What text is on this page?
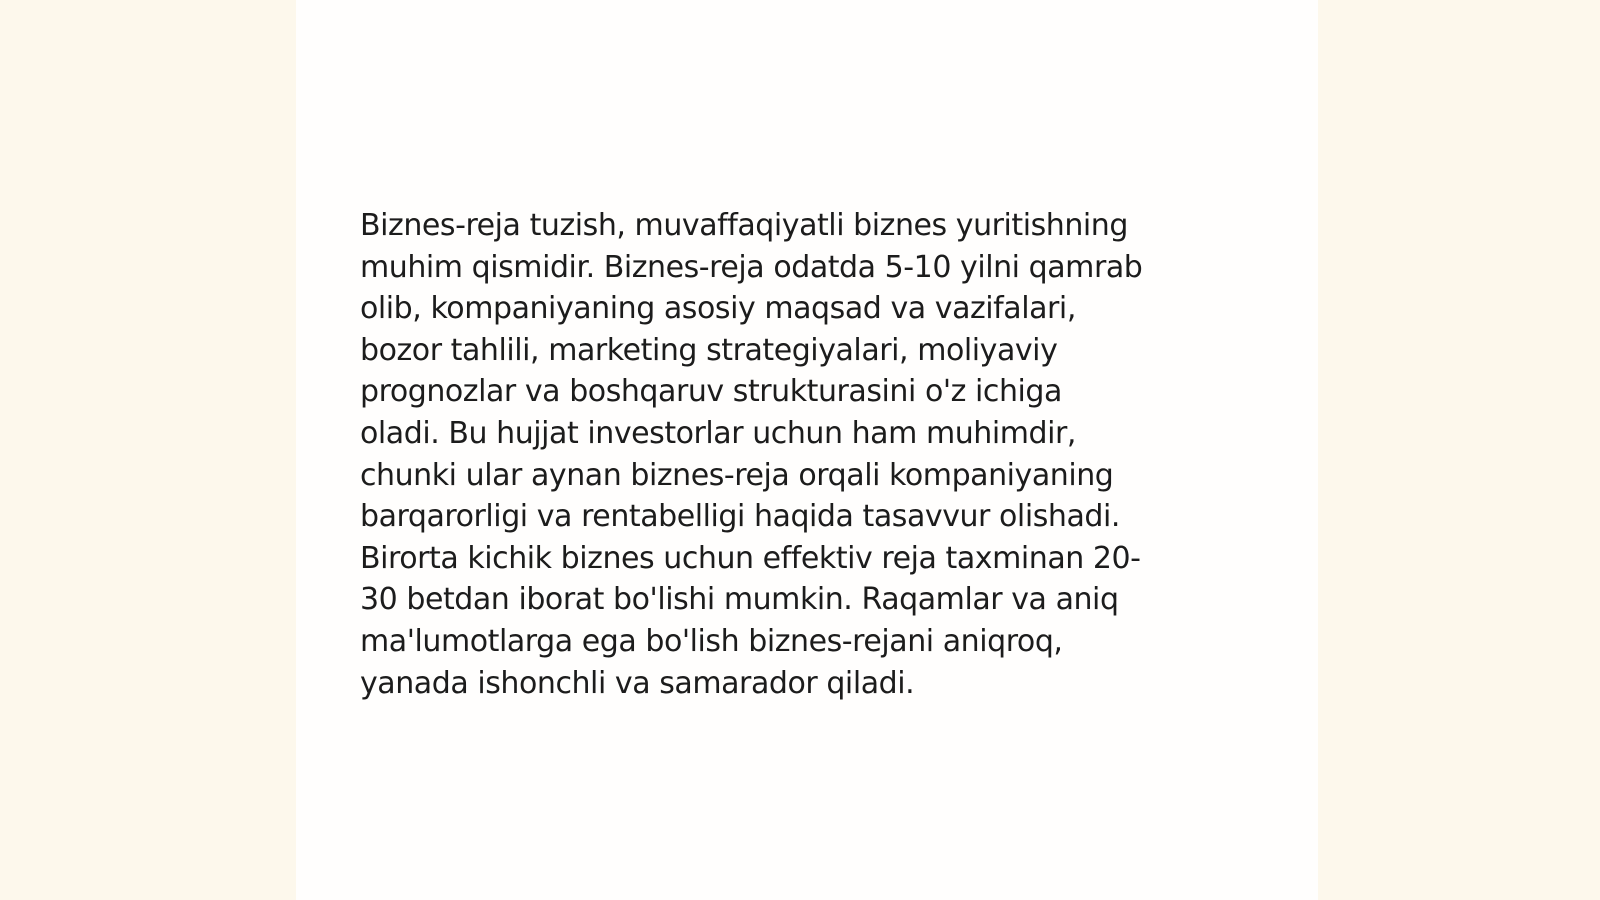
Biznes-reja tuzish, muvaffaqiyatli biznes yuritishning
muhim qismidir. Biznes-reja odatda 5-10 yilni qamrab
olib, kompaniyaning asosiy maqsad va vazifalari,
bozor tahlili, marketing strategiyalari, moliyaviy
prognozlar va boshqaruv strukturasini o'z ichiga
oladi. Bu hujjat investorlar uchun ham muhimdir,
chunki ular aynan biznes-reja orqali kompaniyaning
barqarorligi va rentabelligi haqida tasavvur olishadi.
Birorta kichik biznes uchun effektiv reja taxminan 20-
30 betdan iborat bo'lishi mumkin. Raqamlar va aniq
ma'lumotlarga ega bo'lish biznes-rejani aniqroq,
yanada ishonchli va samarador qiladi.
